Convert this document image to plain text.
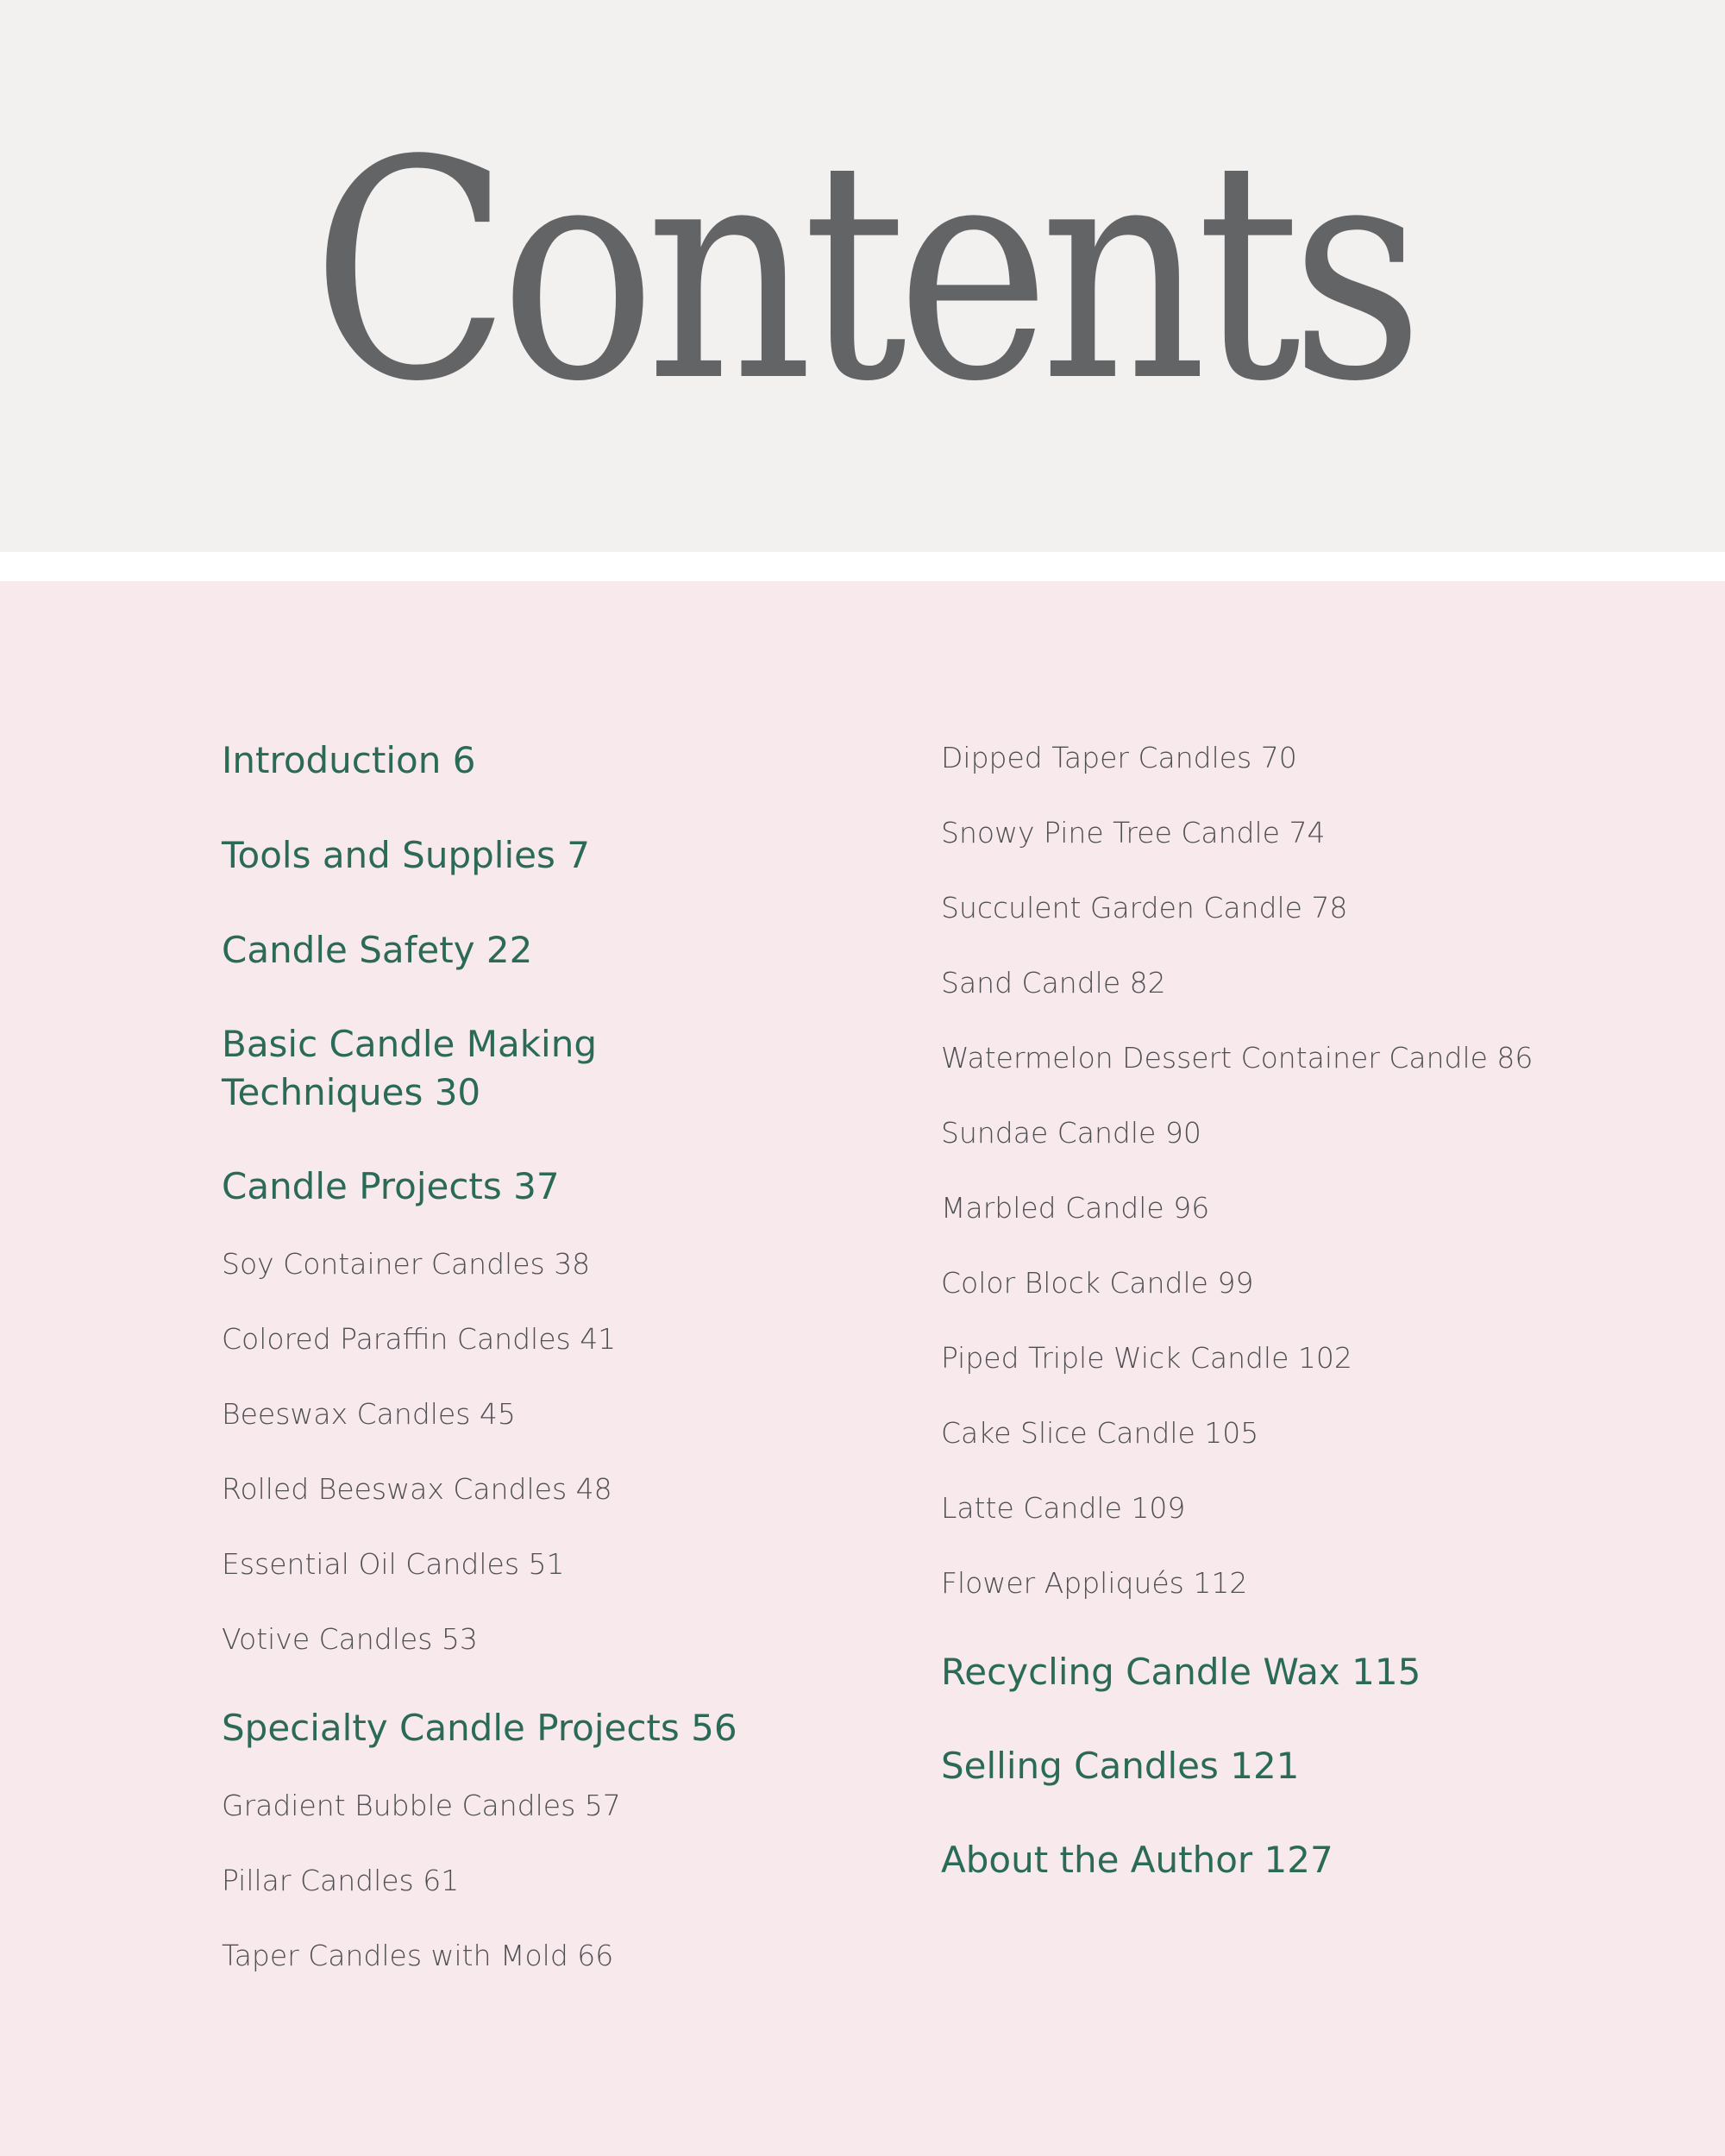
Contents
Introduction 6
Tools and Supplies 7
Candle Safety 22
Basic Candle Making Techniques 30
Candle Projects 37
Soy Container Candles 38
Colored Paraffin Candles 41
Beeswax Candles 45
Rolled Beeswax Candles 48
Essential Oil Candles 51
Votive Candles 53
Specialty Candle Projects 56
Gradient Bubble Candles 57
Pillar Candles 61
Taper Candles with Mold 66
Dipped Taper Candles 70
Snowy Pine Tree Candle 74
Succulent Garden Candle 78
Sand Candle 82
Watermelon Dessert Container Candle 86
Sundae Candle 90
Marbled Candle 96
Color Block Candle 99
Piped Triple Wick Candle 102
Cake Slice Candle 105
Latte Candle 109
Flower Appliqués 112
Recycling Candle Wax 115
Selling Candles 121
About the Author 127
